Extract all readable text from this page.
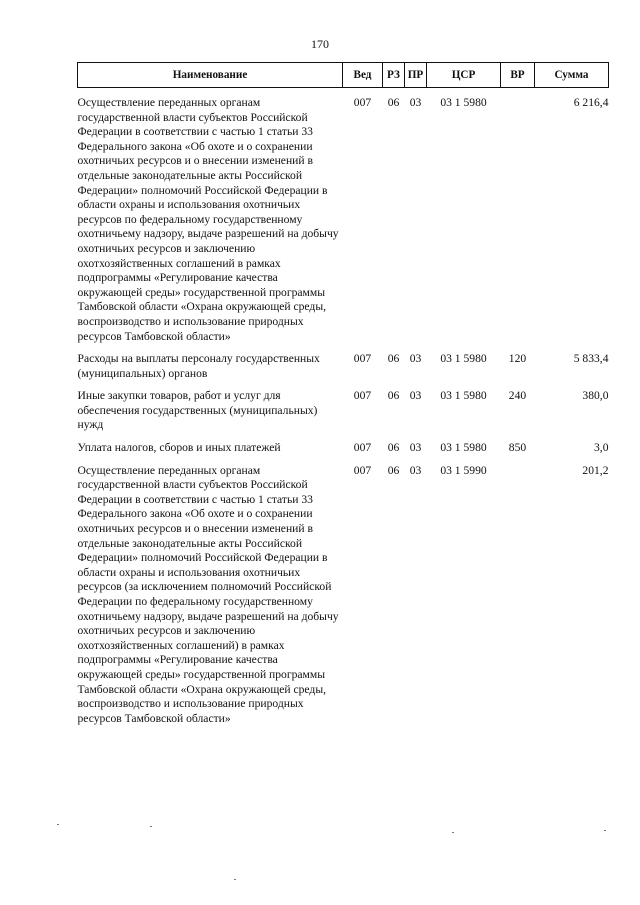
170
Наименование	Вед	РЗ	ПР	ЦСР	ВР	Сумма

Осуществление переданных органам государственной власти субъектов Российской Федерации в соответствии с частью 1 статьи 33 Федерального закона «Об охоте и о сохранении охотничьих ресурсов и о внесении изменений в отдельные законодательные акты Российской Федерации» полномочий Российской Федерации в области охраны и использования охотничьих ресурсов по федеральному государственному охотничьему надзору, выдаче разрешений на добычу охотничьих ресурсов и заключению охотхозяйственных соглашений в рамках подпрограммы «Регулирование качества окружающей среды» государственной программы Тамбовской области «Охрана окружающей среды, воспроизводство и использование природных ресурсов Тамбовской области»	007	06	03	03 1 5980		6 216,4

Расходы на выплаты персоналу государственных (муниципальных) органов	007	06	03	03 1 5980	120	5 833,4

Иные закупки товаров, работ и услуг для обеспечения государственных (муниципальных) нужд	007	06	03	03 1 5980	240	380,0

Уплата налогов, сборов и иных платежей	007	06	03	03 1 5980	850	3,0

Осуществление переданных органам государственной власти субъектов Российской Федерации в соответствии с частью 1 статьи 33 Федерального закона «Об охоте и о сохранении охотничьих ресурсов и о внесении изменений в отдельные законодательные акты Российской Федерации» полномочий Российской Федерации в области охраны и использования охотничьих ресурсов (за исключением полномочий Российской Федерации по федеральному государственному охотничьему надзору, выдаче разрешений на добычу охотничьих ресурсов и заключению охотхозяйственных соглашений) в рамках подпрограммы «Регулирование качества окружающей среды» государственной программы Тамбовской области «Охрана окружающей среды, воспроизводство и использование природных ресурсов Тамбовской области»	007	06	03	03 1 5990		201,2
